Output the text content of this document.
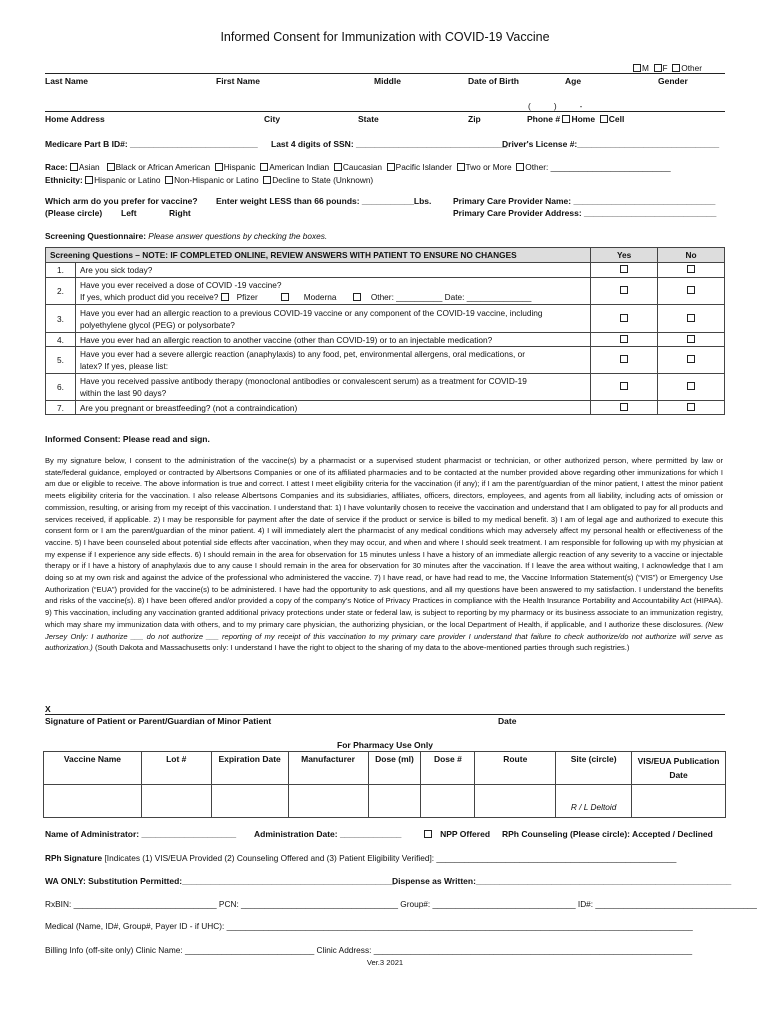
Informed Consent for Immunization with COVID-19 Vaccine
M F Other
Last Name	First Name	Middle	Date of Birth	Age	Gender
(          )          -
Home Address	City	State	Zip	Phone # Home Cell
Medicare Part B ID#: ___________________________ Last 4 digits of SSN: ________________________________
Driver's License #:______________________________
Race: Asian Black or African American Hispanic American Indian Caucasian Pacific Islander Two or More Other: __________________________
Ethnicity: Hispanic or Latino Non-Hispanic or Latino Decline to State (Unknown)
Which arm do you prefer for vaccine?
(Please circle) Left	Right
Enter weight LESS than 66 pounds: ___________Lbs.	Primary Care Provider Name: ______________________________
Primary Care Provider Address: ____________________________
Screening Questionnaire: Please answer questions by checking the boxes.
Screening Questions – NOTE: IF COMPLETED ONLINE, REVIEW ANSWERS WITH PATIENT TO ENSURE NO CHANGES		Yes	No
1.	Are you sick today?		
2.	Have you ever received a dose of COVID -19 vaccine?
If yes, which product did you receive? Pfizer Moderna Other: __________ Date: ______________		

3.	Have you ever had an allergic reaction to a previous COVID-19 vaccine or any component of the COVID-19 vaccine, including
polyethylene glycol (PEG) or polysorbate?		

4.	Have you ever had an allergic reaction to another vaccine (other than COVID-19) or to an injectable medication?		
5.	Have you ever had a severe allergic reaction (anaphylaxis) to any food, pet, environmental allergens, oral medications, or
latex? If yes, please list:		

6.	Have you received passive antibody therapy (monoclonal antibodies or convalescent serum) as a treatment for COVID-19
within the last 90 days?		

7.	Are you pregnant or breastfeeding? (not a contraindication)		
Informed Consent: Please read and sign.
By my signature below, I consent to the administration of the vaccine(s) by a pharmacist or a supervised student pharmacist or technician, or other authorized person, where permitted by law or state/federal guidance, employed or contracted by Albertsons Companies or one of its affiliated pharmacies and to be contacted at the number provided above regarding other immunizations for which I am due or eligible to receive. The above information is true and correct. I attest I meet eligibility criteria for the vaccination (if any); if I am the parent/guardian of the minor patient, I attest the minor patient meets eligibility criteria for the vaccination. I also release Albertsons Companies and its subsidiaries, affiliates, officers, directors, employees, and agents from all liability, including acts of omission or commission, resulting, or arising from my receipt of this vaccination. I understand that: 1) I have voluntarily chosen to receive the vaccination and understand that I am obligated to pay for all products and services received, if applicable. 2) I may be responsible for payment after the date of service if the product or service is billed to my medical benefit. 3) I am of legal age and authorized to execute this consent form or I am the parent/guardian of the minor patient. 4) I will immediately alert the pharmacist of any medical conditions which may adversely affect my personal health or effectiveness of the vaccine. 5) I have been counseled about potential side effects after vaccination, when they may occur, and when and where I should seek treatment. I am responsible for following up with my physician at my expense if I experience any side effects. 6) I should remain in the area for observation for 15 minutes unless I have a history of an immediate allergic reaction of any severity to a vaccine or injectable therapy or if I have a history of anaphylaxis due to any cause I should remain in the area for observation for 30 minutes after the vaccination. If I leave the area without waiting, I acknowledge that I am doing so at my own risk and against the advice of the professional who administered the vaccine. 7) I have read, or have had read to me, the Vaccine Information Statement(s) (“VIS”) or Emergency Use Authorization (“EUA”) provided for the vaccine(s) to be administered. I have had the opportunity to ask questions, and all my questions have been answered to my satisfaction. I understand the benefits and risks of the vaccine(s). 8) I have been offered and/or provided a copy of the company’s Notice of Privacy Practices in compliance with the Health Insurance Portability and Accountability Act (HIPAA). 9) This vaccination, including any vaccination granted additional privacy protections under state or federal law, is subject to reporting by my pharmacy or its business associate to an immunization registry, which may share my immunization data with others, and to my primary care physician, the authorizing physician, or the local Department of Health, if applicable, and I authorize these disclosures. (New Jersey Only: I authorize ___ do not authorize ___ reporting of my receipt of this vaccination to my primary care provider I understand that failure to check authorize/do not authorize will serve as authorization.) (South Dakota and Massachusetts only: I understand I have the right to object to the sharing of my data to the above-mentioned parties through such registries.)
X
Signature of Patient or Parent/Guardian of Minor Patient	Date
For Pharmacy Use Only
Vaccine Name	Lot #	Expiration Date	Manufacturer	Dose (ml)	Dose #	Route	Site (circle)	VIS/EUA Publication Date
							R / L Deltoid	
Name of Administrator: ____________________ Administration Date: _____________	NPP Offered RPh Counseling (Please circle): Accepted / Declined
RPh Signature [Indicates (1) VIS/EUA Provided (2) Counseling Offered and (3) Patient Eligibility Verified]: ____________________________________________________
WA ONLY: Substitution Permitted:_____________________________________________
Dispense as Written:______________________________________________________
RxBIN: _______________________________ PCN: __________________________________ Group#: _______________________________ ID#: ___________________________________
Medical (Name, ID#, Group#, Payer ID - if UHC): _____________________________________________________________________________________________________
Billing Info (off-site only) Clinic Name: ____________________________ Clinic Address: _____________________________________________________________________
Ver.3 2021
